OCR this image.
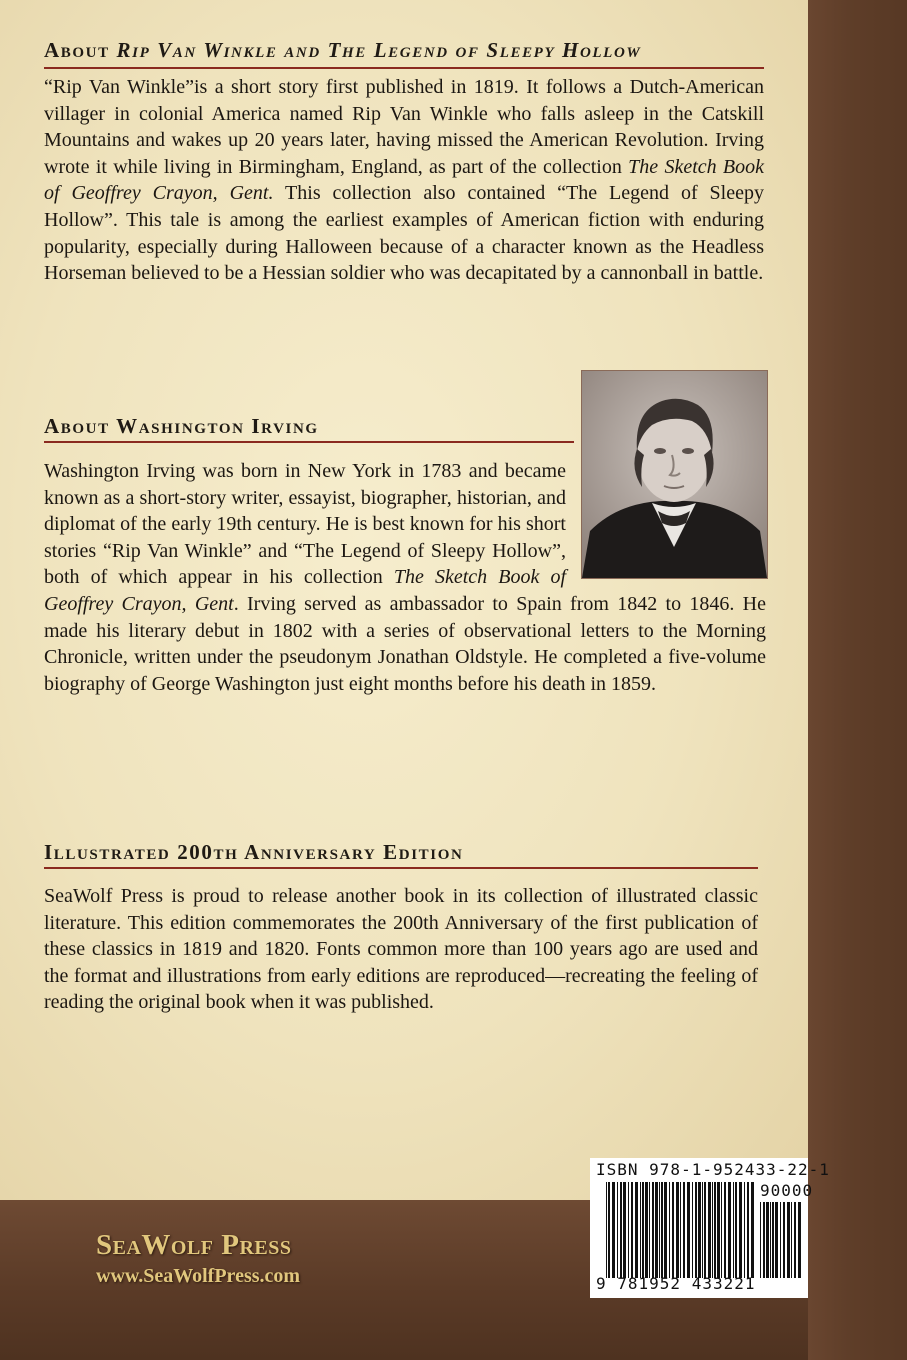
About Rip Van Winkle and The Legend of Sleepy Hollow

“Rip Van Winkle”is a short story first published in 1819. It follows a Dutch-American villager in colonial America named Rip Van Winkle who falls asleep in the Catskill Mountains and wakes up 20 years later, having missed the American Revolution. Irving wrote it while living in Birmingham, England, as part of the collection The Sketch Book of Geoffrey Crayon, Gent. This collection also contained “The Legend of Sleepy Hollow”. This tale is among the earliest examples of American fiction with enduring popularity, especially during Halloween because of a character known as the Headless Horseman believed to be a Hessian soldier who was decapitated by a cannonball in battle.

About Washington Irving

Washington Irving was born in New York in 1783 and became known as a short-story writer, essayist, biographer, historian, and diplomat of the early 19th century. He is best known for his short stories “Rip Van Winkle” and “The Legend of Sleepy Hollow”, both of which appear in his collection The Sketch Book of Geoffrey Crayon, Gent. Irving served as ambassador to Spain from 1842 to 1846. He made his literary debut in 1802 with a series of observational letters to the Morning Chronicle, written under the pseudonym Jonathan Oldstyle. He completed a five-volume biography of George Washington just eight months before his death in 1859.

Illustrated 200th Anniversary Edition

SeaWolf Press is proud to release another book in its collection of illustrated classic literature. This edition commemorates the 200th Anniversary of the first publication of these classics in 1819 and 1820. Fonts common more than 100 years ago are used and the format and illustrations from early editions are reproduced—recreating the feeling of reading the original book when it was published.

SeaWolf Press
www.SeaWolfPress.com
ISBN 978-1-952433-22-1
90000
9 781952 433221
